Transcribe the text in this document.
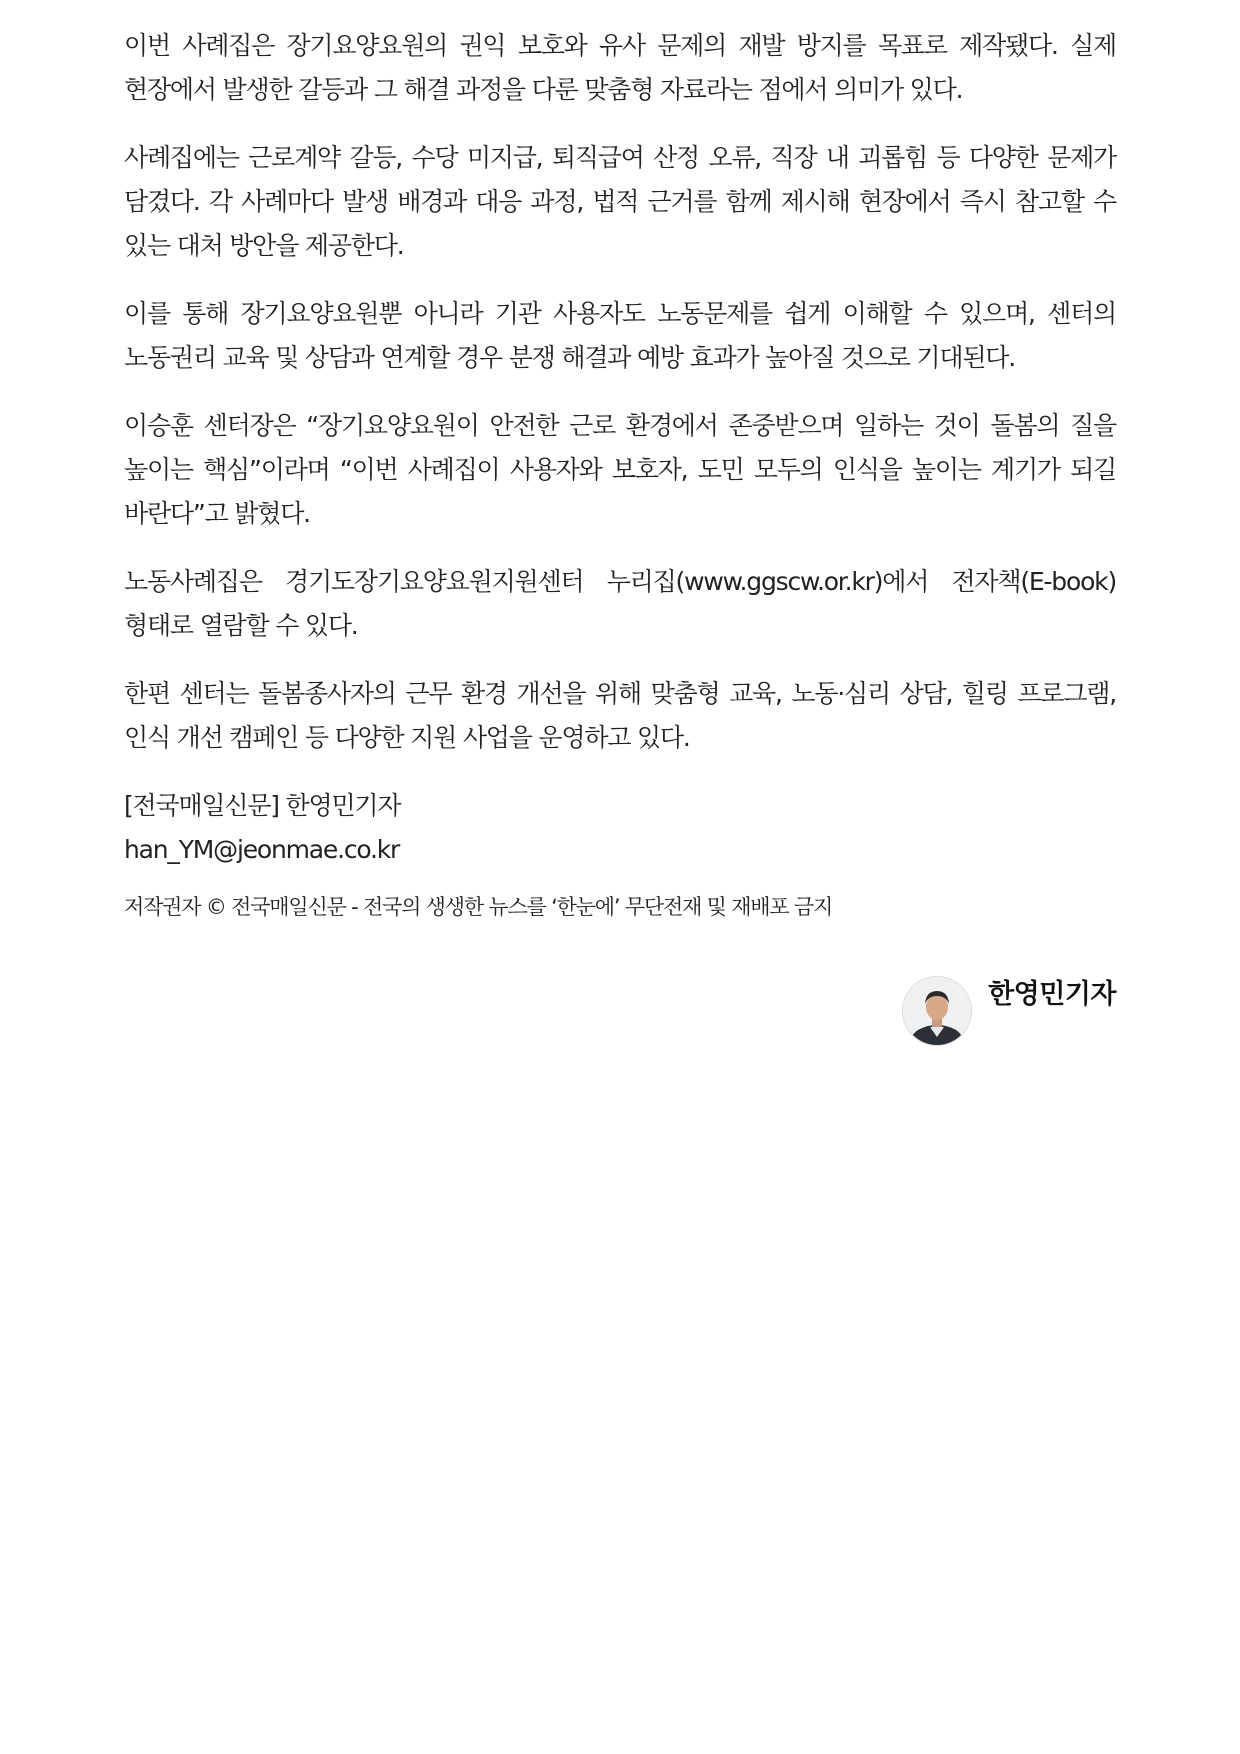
이번 사례집은 장기요양요원의 권익 보호와 유사 문제의 재발 방지를 목표로 제작됐다. 실제 현장에서 발생한 갈등과 그 해결 과정을 다룬 맞춤형 자료라는 점에서 의미가 있다.

사례집에는 근로계약 갈등, 수당 미지급, 퇴직급여 산정 오류, 직장 내 괴롭힘 등 다양한 문제가 담겼다. 각 사례마다 발생 배경과 대응 과정, 법적 근거를 함께 제시해 현장에서 즉시 참고할 수 있는 대처 방안을 제공한다.

이를 통해 장기요양요원뿐 아니라 기관 사용자도 노동문제를 쉽게 이해할 수 있으며, 센터의 노동권리 교육 및 상담과 연계할 경우 분쟁 해결과 예방 효과가 높아질 것으로 기대된다.

이승훈 센터장은 “장기요양요원이 안전한 근로 환경에서 존중받으며 일하는 것이 돌봄의 질을 높이는 핵심”이라며 “이번 사례집이 사용자와 보호자, 도민 모두의 인식을 높이는 계기가 되길 바란다”고 밝혔다.

노동사례집은 경기도장기요양요원지원센터 누리집(www.ggscw.or.kr)에서 전자책(E-book) 형태로 열람할 수 있다.

한편 센터는 돌봄종사자의 근무 환경 개선을 위해 맞춤형 교육, 노동·심리 상담, 힐링 프로그램, 인식 개선 캠페인 등 다양한 지원 사업을 운영하고 있다.

[전국매일신문] 한영민기자

han_YM@jeonmae.co.kr

저작권자 © 전국매일신문 - 전국의 생생한 뉴스를 ‘한눈에’ 무단전재 및 재배포 금지

한영민기자
